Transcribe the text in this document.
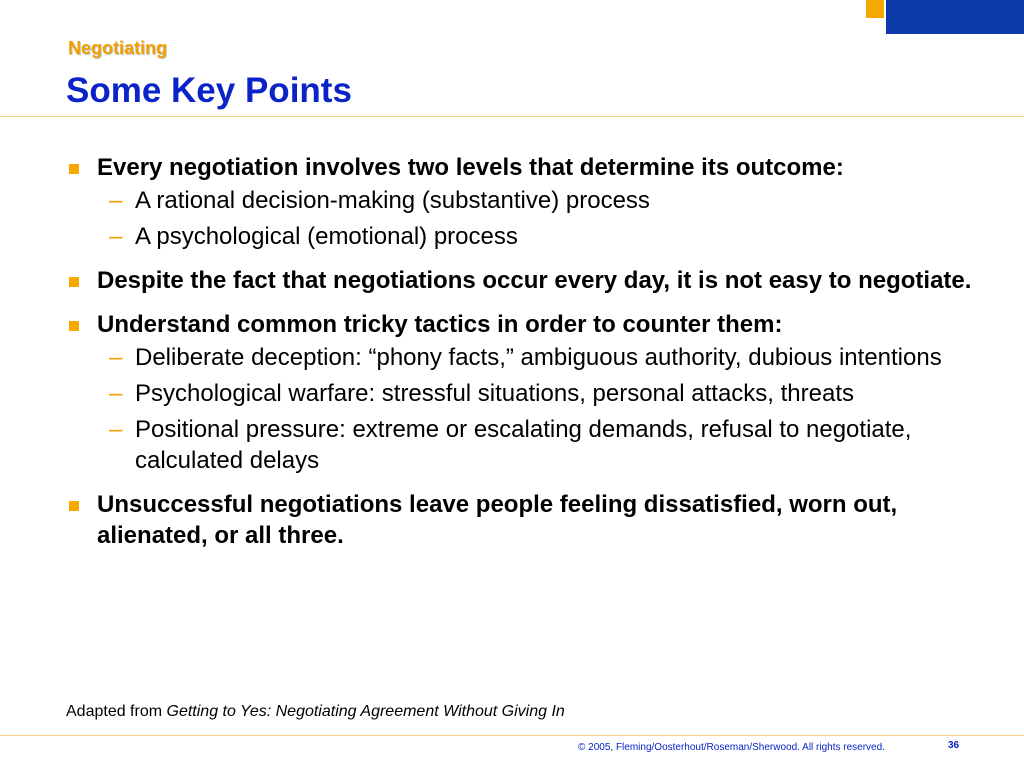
Negotiating
Some Key Points
Every negotiation involves two levels that determine its outcome:
– A rational decision-making (substantive) process
– A psychological (emotional) process
Despite the fact that negotiations occur every day, it is not easy to negotiate.
Understand common tricky tactics in order to counter them:
– Deliberate deception: “phony facts,” ambiguous authority, dubious intentions
– Psychological warfare: stressful situations, personal attacks, threats
– Positional pressure: extreme or escalating demands, refusal to negotiate, calculated delays
Unsuccessful negotiations leave people feeling dissatisfied, worn out, alienated, or all three.
Adapted from Getting to Yes: Negotiating Agreement Without Giving In
© 2005, Fleming/Oosterhout/Roseman/Sherwood. All rights reserved.	36
